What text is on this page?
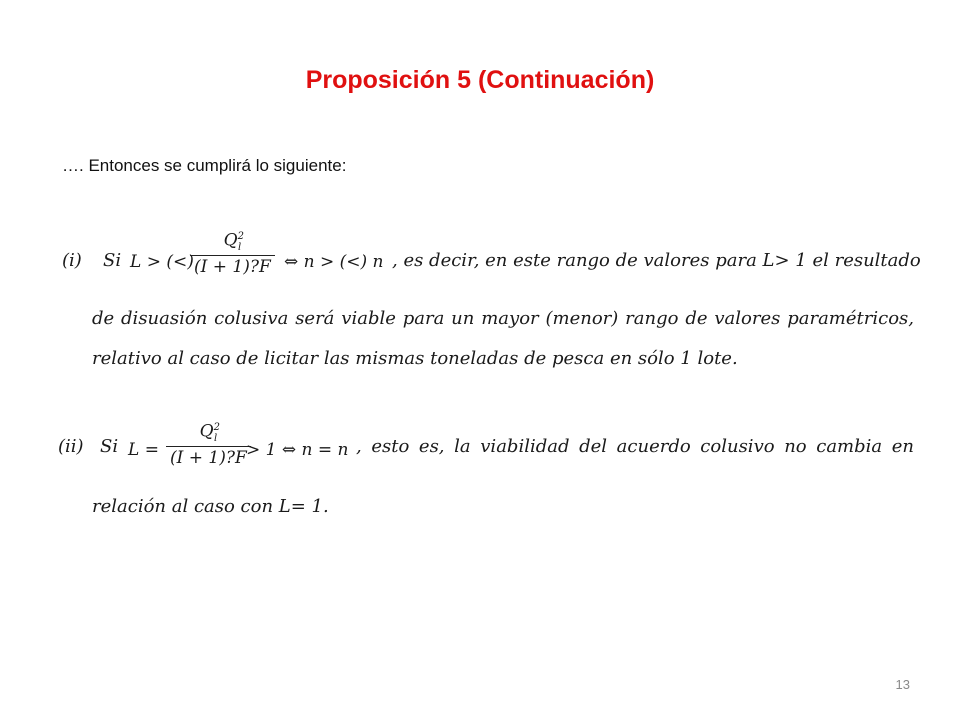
Proposición 5 (Continuación)
…. Entonces se cumplirá lo siguiente:
(i) Si L > (<)
$\frac{Q^2_l}{(I + 1)?F}$ ⇔ n > (<) n , es decir, en este rango de valores para L> 1 el resultado
de disuasión colusiva será viable para un mayor (menor) rango de valores paramétricos,
relativo al caso de licitar las mismas toneladas de pesca en sólo 1 lote.
(ii) Si $L = \frac{Q^2_l}{(I + 1)?F}$
> 1 ⇔ n = n , esto es, la viabilidad del acuerdo colusivo no cambia en
relación al caso con L= 1.
13
